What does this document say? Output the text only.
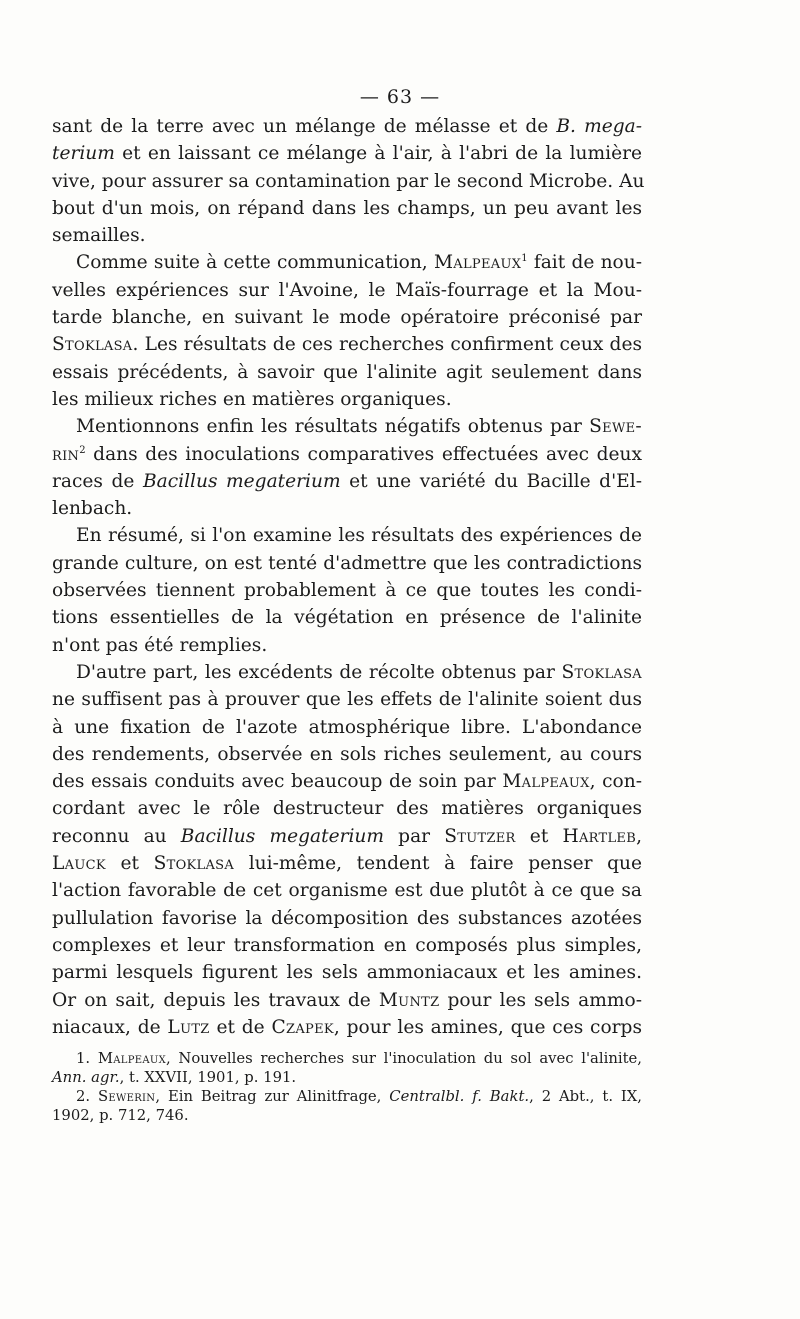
— 63 —
sant de la terre avec un mélange de mélasse et de B. mega-
terium et en laissant ce mélange à l'air, à l'abri de la lumière
vive, pour assurer sa contamination par le second Microbe. Au
bout d'un mois, on répand dans les champs, un peu avant les
semailles.
Comme suite à cette communication, Malpeaux$^1$ fait de nou-
velles expériences sur l'Avoine, le Maïs-fourrage et la Mou-
tarde blanche, en suivant le mode opératoire préconisé par
Stoklasa. Les résultats de ces recherches confirment ceux des
essais précédents, à savoir que l'alinite agit seulement dans
les milieux riches en matières organiques.
Mentionnons enfin les résultats négatifs obtenus par Sewe-
rin$^2$ dans des inoculations comparatives effectuées avec deux
races de Bacillus megaterium et une variété du Bacille d'El-
lenbach.
En résumé, si l'on examine les résultats des expériences de
grande culture, on est tenté d'admettre que les contradictions
observées tiennent probablement à ce que toutes les condi-
tions essentielles de la végétation en présence de l'alinite
n'ont pas été remplies.
D'autre part, les excédents de récolte obtenus par Stoklasa
ne suffisent pas à prouver que les effets de l'alinite soient dus
à une fixation de l'azote atmosphérique libre. L'abondance
des rendements, observée en sols riches seulement, au cours
des essais conduits avec beaucoup de soin par Malpeaux, con-
cordant avec le rôle destructeur des matières organiques
reconnu au Bacillus megaterium par Stutzer et Hartleb,
Lauck et Stoklasa lui-même, tendent à faire penser que
l'action favorable de cet organisme est due plutôt à ce que sa
pullulation favorise la décomposition des substances azotées
complexes et leur transformation en composés plus simples,
parmi lesquels figurent les sels ammoniacaux et les amines.
Or on sait, depuis les travaux de Muntz pour les sels ammo-
niacaux, de Lutz et de Czapek, pour les amines, que ces corps
1. Malpeaux, Nouvelles recherches sur l'inoculation du sol avec l'alinite,
Ann. agr., t. XXVII, 1901, p. 191.
2. Sewerin, Ein Beitrag zur Alinitfrage, Centralbl. f. Bakt., 2 Abt., t. IX,
1902, p. 712, 746.
